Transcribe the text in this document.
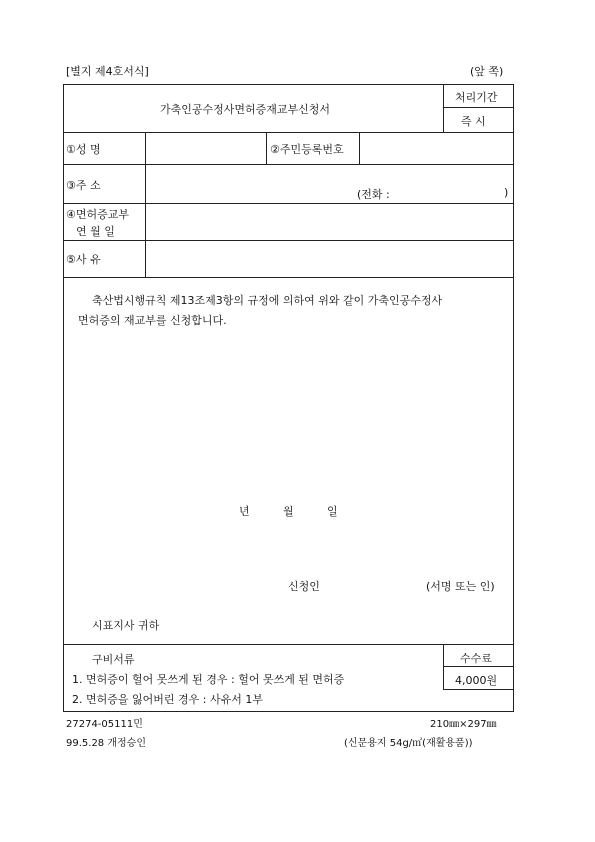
[별지 제4호서식]	(앞 쪽)
가축인공수정사면허증재교부신청서
처리기간
즉 시
①성 명	②주민등록번호
③주 소
(전화 :	)
④면허증교부
연 월 일
⑤사 유
축산법시행규칙 제13조제3항의 규정에 의하여 위와 같이 가축인공수정사
면허증의 재교부를 신청합니다.
년	월	일
신청인	(서명 또는 인)
시표지사 귀하
구비서류
1. 면허증이 헐어 못쓰게 된 경우 : 헐어 못쓰게 된 면허증
2. 면허증을 잃어버린 경우 : 사유서 1부
수수료
4,000원
27274-05111민	210㎜×297㎜
99.5.28 개정승인	(신문용지 54g/㎡(재활용품))
